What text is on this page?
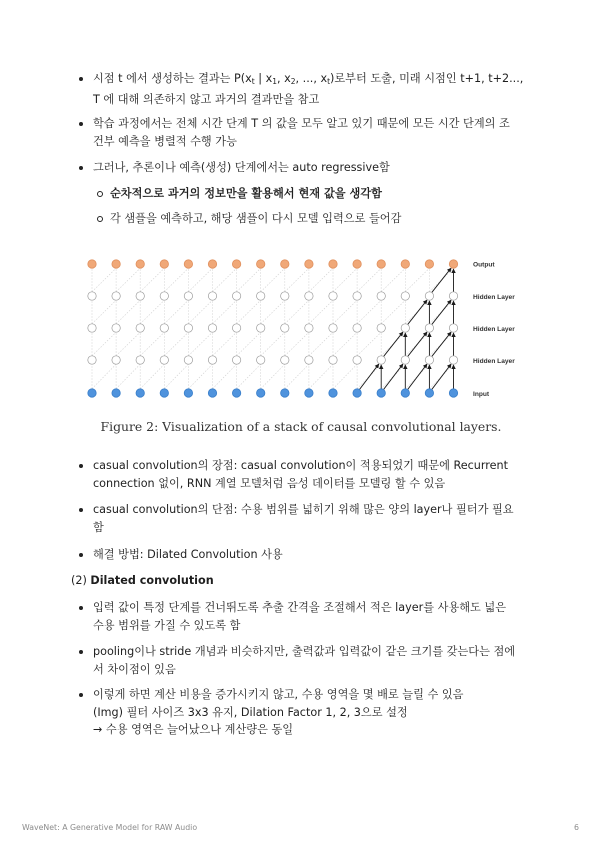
시점 t 에서 생성하는 결과는 $P(x_t$ | $x_1$, $x_2$, ..., $x_t$)로부터 도출, 미래 시점인 t+1, t+2...,
T 에 대해 의존하지 않고 과거의 결과만을 참고
학습 과정에서는 전체 시간 단계 T 의 값을 모두 알고 있기 때문에 모든 시간 단계의 조
건부 예측을 병렬적 수행 가능
그러나, 추론이나 예측(생성) 단계에서는 auto regressive함
순차적으로 과거의 정보만을 활용해서 현재 값을 생각함
각 샘플을 예측하고, 해당 샘플이 다시 모델 입력으로 들어감
Output
Hidden Layer
Hidden Layer
Hidden Layer
Input
Figure 2: Visualization of a stack of causal convolutional layers.
casual convolution의 장점: casual convolution이 적용되었기 때문에 Recurrent
connection 없이, RNN 계열 모델처럼 음성 데이터를 모델링 할 수 있음
casual convolution의 단점: 수용 범위를 넓히기 위해 많은 양의 layer나 필터가 필요
함
해결 방법: Dilated Convolution 사용
(2) Dilated convolution
입력 값이 특정 단계를 건너뛰도록 추출 간격을 조절해서 적은 layer를 사용해도 넓은
수용 범위를 가질 수 있도록 함
pooling이나 stride 개념과 비슷하지만, 출력값과 입력값이 같은 크기를 갖는다는 점에
서 차이점이 있음
이렇게 하면 계산 비용을 증가시키지 않고, 수용 영역을 몇 배로 늘릴 수 있음
(Img) 필터 사이즈 3x3 유지, Dilation Factor 1, 2, 3으로 설정
→ 수용 영역은 늘어났으나 계산량은 동일
WaveNet: A Generative Model for RAW Audio	6
